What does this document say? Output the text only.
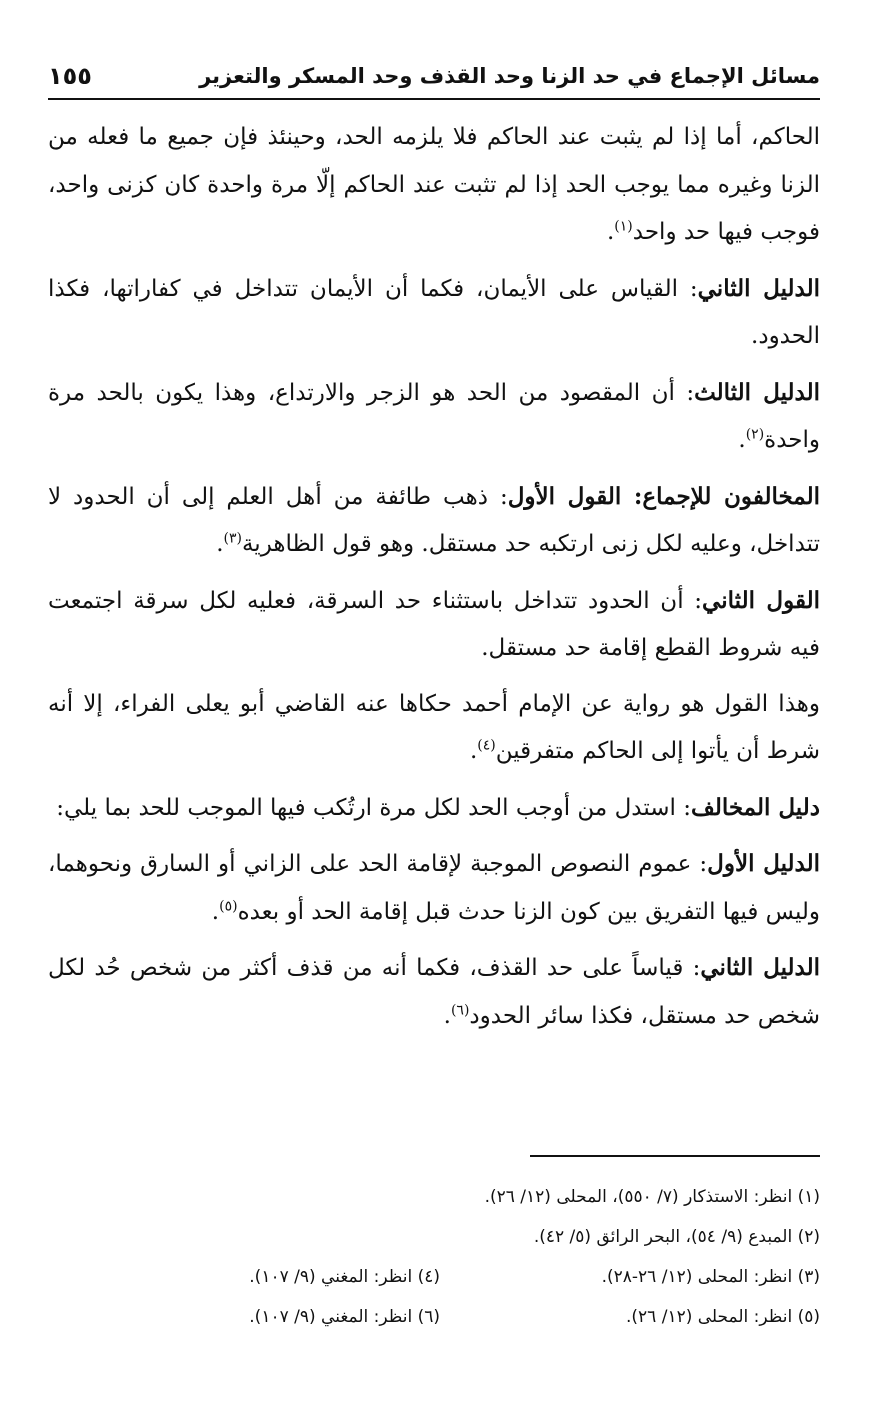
مسائل الإجماع في حد الزنا وحد القذف وحد المسكر والتعزير
١٥٥

الحاكم، أما إذا لم يثبت عند الحاكم فلا يلزمه الحد، وحينئذ فإن جميع ما فعله من الزنا وغيره مما يوجب الحد إذا لم تثبت عند الحاكم إلّا مرة واحدة كان كزنى واحد، فوجب فيها حد واحد$^{(١)}$.

الدليل الثاني: القياس على الأيمان، فكما أن الأيمان تتداخل في كفاراتها، فكذا الحدود.

الدليل الثالث: أن المقصود من الحد هو الزجر والارتداع، وهذا يكون بالحد مرة واحدة$^{(٢)}$.

المخالفون للإجماع: القول الأول: ذهب طائفة من أهل العلم إلى أن الحدود لا تتداخل، وعليه لكل زنى ارتكبه حد مستقل. وهو قول الظاهرية$^{(٣)}$.

القول الثاني: أن الحدود تتداخل باستثناء حد السرقة، فعليه لكل سرقة اجتمعت فيه شروط القطع إقامة حد مستقل.

وهذا القول هو رواية عن الإمام أحمد حكاها عنه القاضي أبو يعلى الفراء، إلا أنه شرط أن يأتوا إلى الحاكم متفرقين$^{(٤)}$.

دليل المخالف: استدل من أوجب الحد لكل مرة ارتُكب فيها الموجب للحد بما يلي:

الدليل الأول: عموم النصوص الموجبة لإقامة الحد على الزاني أو السارق ونحوهما، وليس فيها التفريق بين كون الزنا حدث قبل إقامة الحد أو بعده$^{(٥)}$.

الدليل الثاني: قياساً على حد القذف، فكما أنه من قذف أكثر من شخص حُد لكل شخص حد مستقل، فكذا سائر الحدود$^{(٦)}$.

(١) انظر: الاستذكار (٧/ ٥٥٠)، المحلى (١٢/ ٢٦).
(٢) المبدع (٩/ ٥٤)، البحر الرائق (٥/ ٤٢).
(٣) انظر: المحلى (١٢/ ٢٦-٢٨).(٤) انظر: المغني (٩/ ١٠٧).
(٥) انظر: المحلى (١٢/ ٢٦).(٦) انظر: المغني (٩/ ١٠٧).
